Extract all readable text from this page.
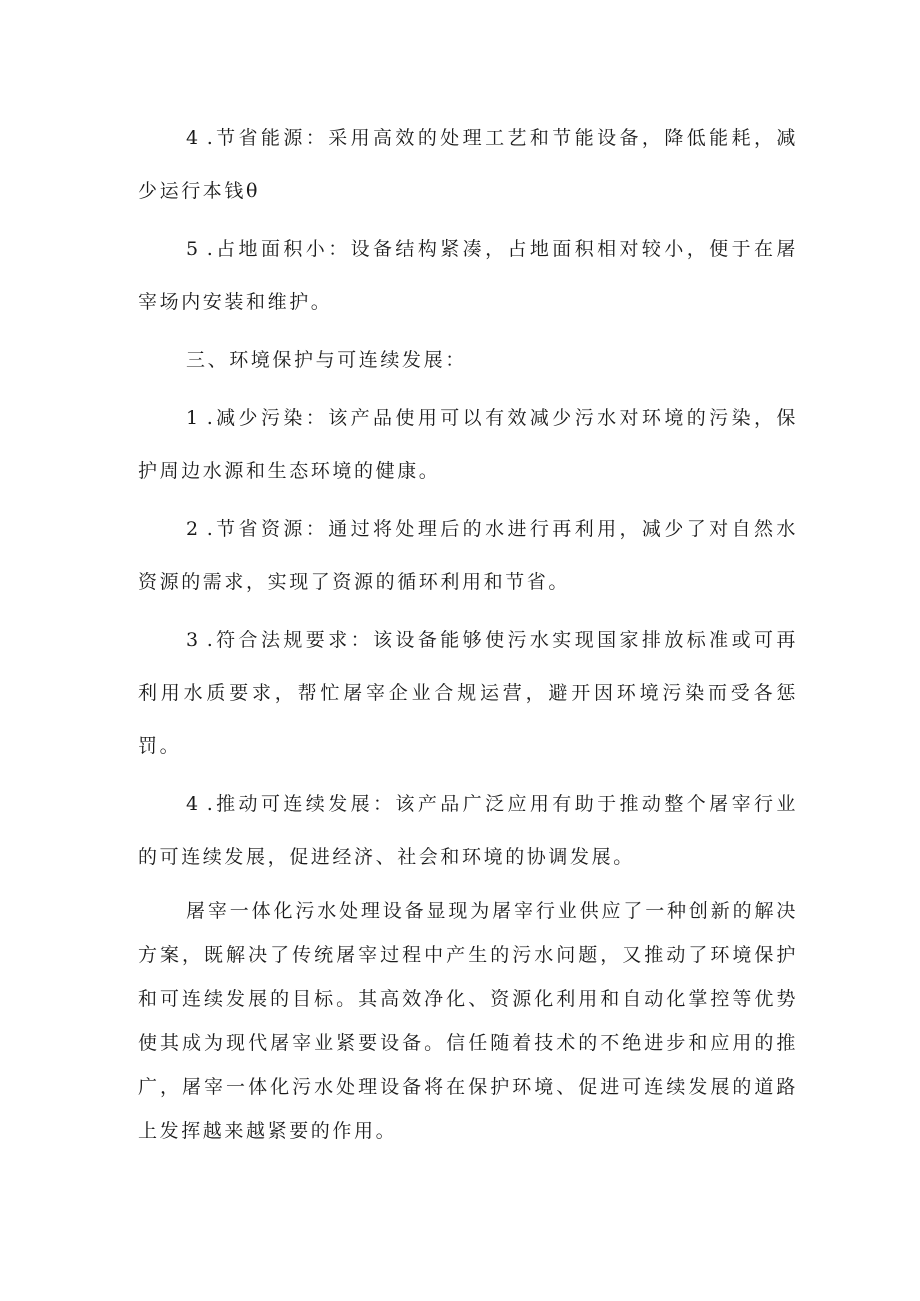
4 .节省能源：采用高效的处理工艺和节能设备，降低能耗，减少运行本钱θ

5 .占地面积小：设备结构紧凑，占地面积相对较小，便于在屠宰场内安装和维护。

三、环境保护与可连续发展：

1 .减少污染：该产品使用可以有效减少污水对环境的污染，保护周边水源和生态环境的健康。

2 .节省资源：通过将处理后的水进行再利用，减少了对自然水资源的需求，实现了资源的循环利用和节省。

3 .符合法规要求：该设备能够使污水实现国家排放标准或可再利用水质要求，帮忙屠宰企业合规运营，避开因环境污染而受各惩罚。

4 .推动可连续发展：该产品广泛应用有助于推动整个屠宰行业的可连续发展，促进经济、社会和环境的协调发展。

屠宰一体化污水处理设备显现为屠宰行业供应了一种创新的解决方案，既解决了传统屠宰过程中产生的污水问题，又推动了环境保护和可连续发展的目标。其高效净化、资源化利用和自动化掌控等优势使其成为现代屠宰业紧要设备。信任随着技术的不绝进步和应用的推广，屠宰一体化污水处理设备将在保护环境、促进可连续发展的道路上发挥越来越紧要的作用。
